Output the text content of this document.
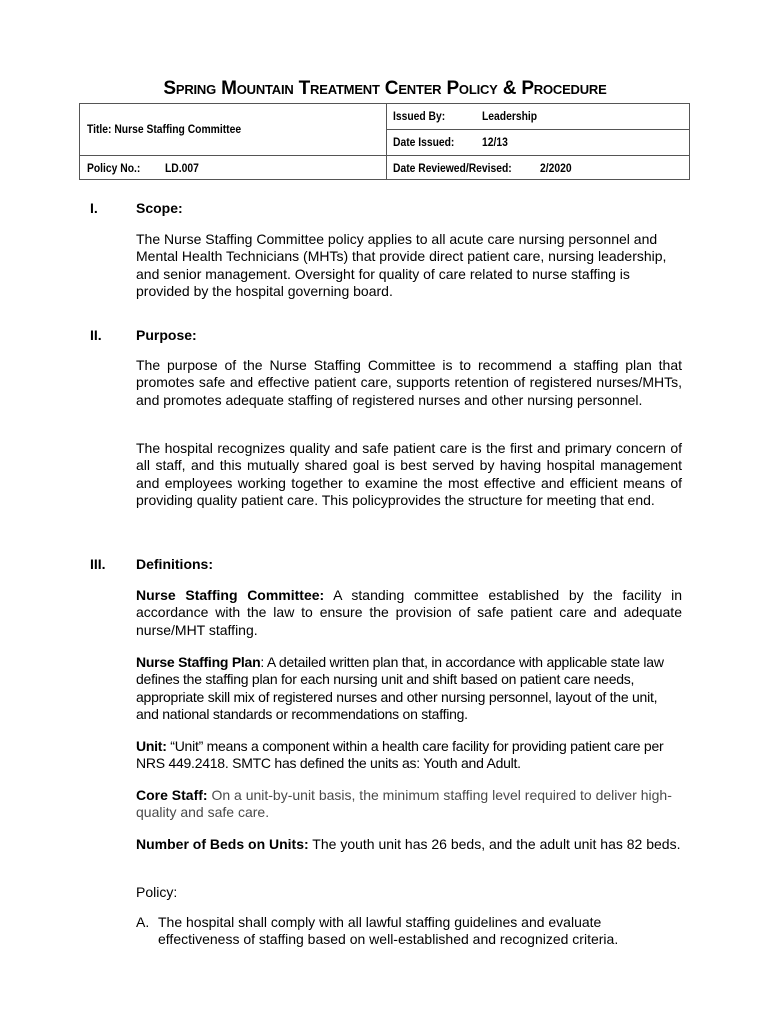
Spring Mountain Treatment Center Policy & Procedure
Title: Nurse Staffing Committee
Issued By:	Leadership
Date Issued: 12/13
Policy No.: LD.007	Date Reviewed/Revised: 2/2020
I.	Scope:
The Nurse Staffing Committee policy applies to all acute care nursing personnel and Mental Health Technicians (MHTs) that provide direct patient care, nursing leadership, and senior management. Oversight for quality of care related to nurse staffing is provided by the hospital governing board.
II. Purpose:
The purpose of the Nurse Staffing Committee is to recommend a staffing plan that promotes safe and effective patient care, supports retention of registered nurses/MHTs, and promotes adequate staffing of registered nurses and other nursing personnel.
The hospital recognizes quality and safe patient care is the first and primary concern of all staff, and this mutually shared goal is best served by having hospital management and employees working together to examine the most effective and efficient means of providing quality patient care. This policyprovides the structure for meeting that end.
III. Definitions:
Nurse Staffing Committee: A standing committee established by the facility in accordance with the law to ensure the provision of safe patient care and adequate nurse/MHT staffing.
Nurse Staffing Plan: A detailed written plan that, in accordance with applicable state law defines the staffing plan for each nursing unit and shift based on patient care needs, appropriate skill mix of registered nurses and other nursing personnel, layout of the unit, and national standards or recommendations on staffing.
Unit: “Unit” means a component within a health care facility for providing patient care per NRS 449.2418. SMTC has defined the units as: Youth and Adult.
Core Staff: On a unit-by-unit basis, the minimum staffing level required to deliver high-quality and safe care.
Number of Beds on Units: The youth unit has 26 beds, and the adult unit has 82 beds.
Policy:
A. The hospital shall comply with all lawful staffing guidelines and evaluate effectiveness of staffing based on well-established and recognized criteria.
